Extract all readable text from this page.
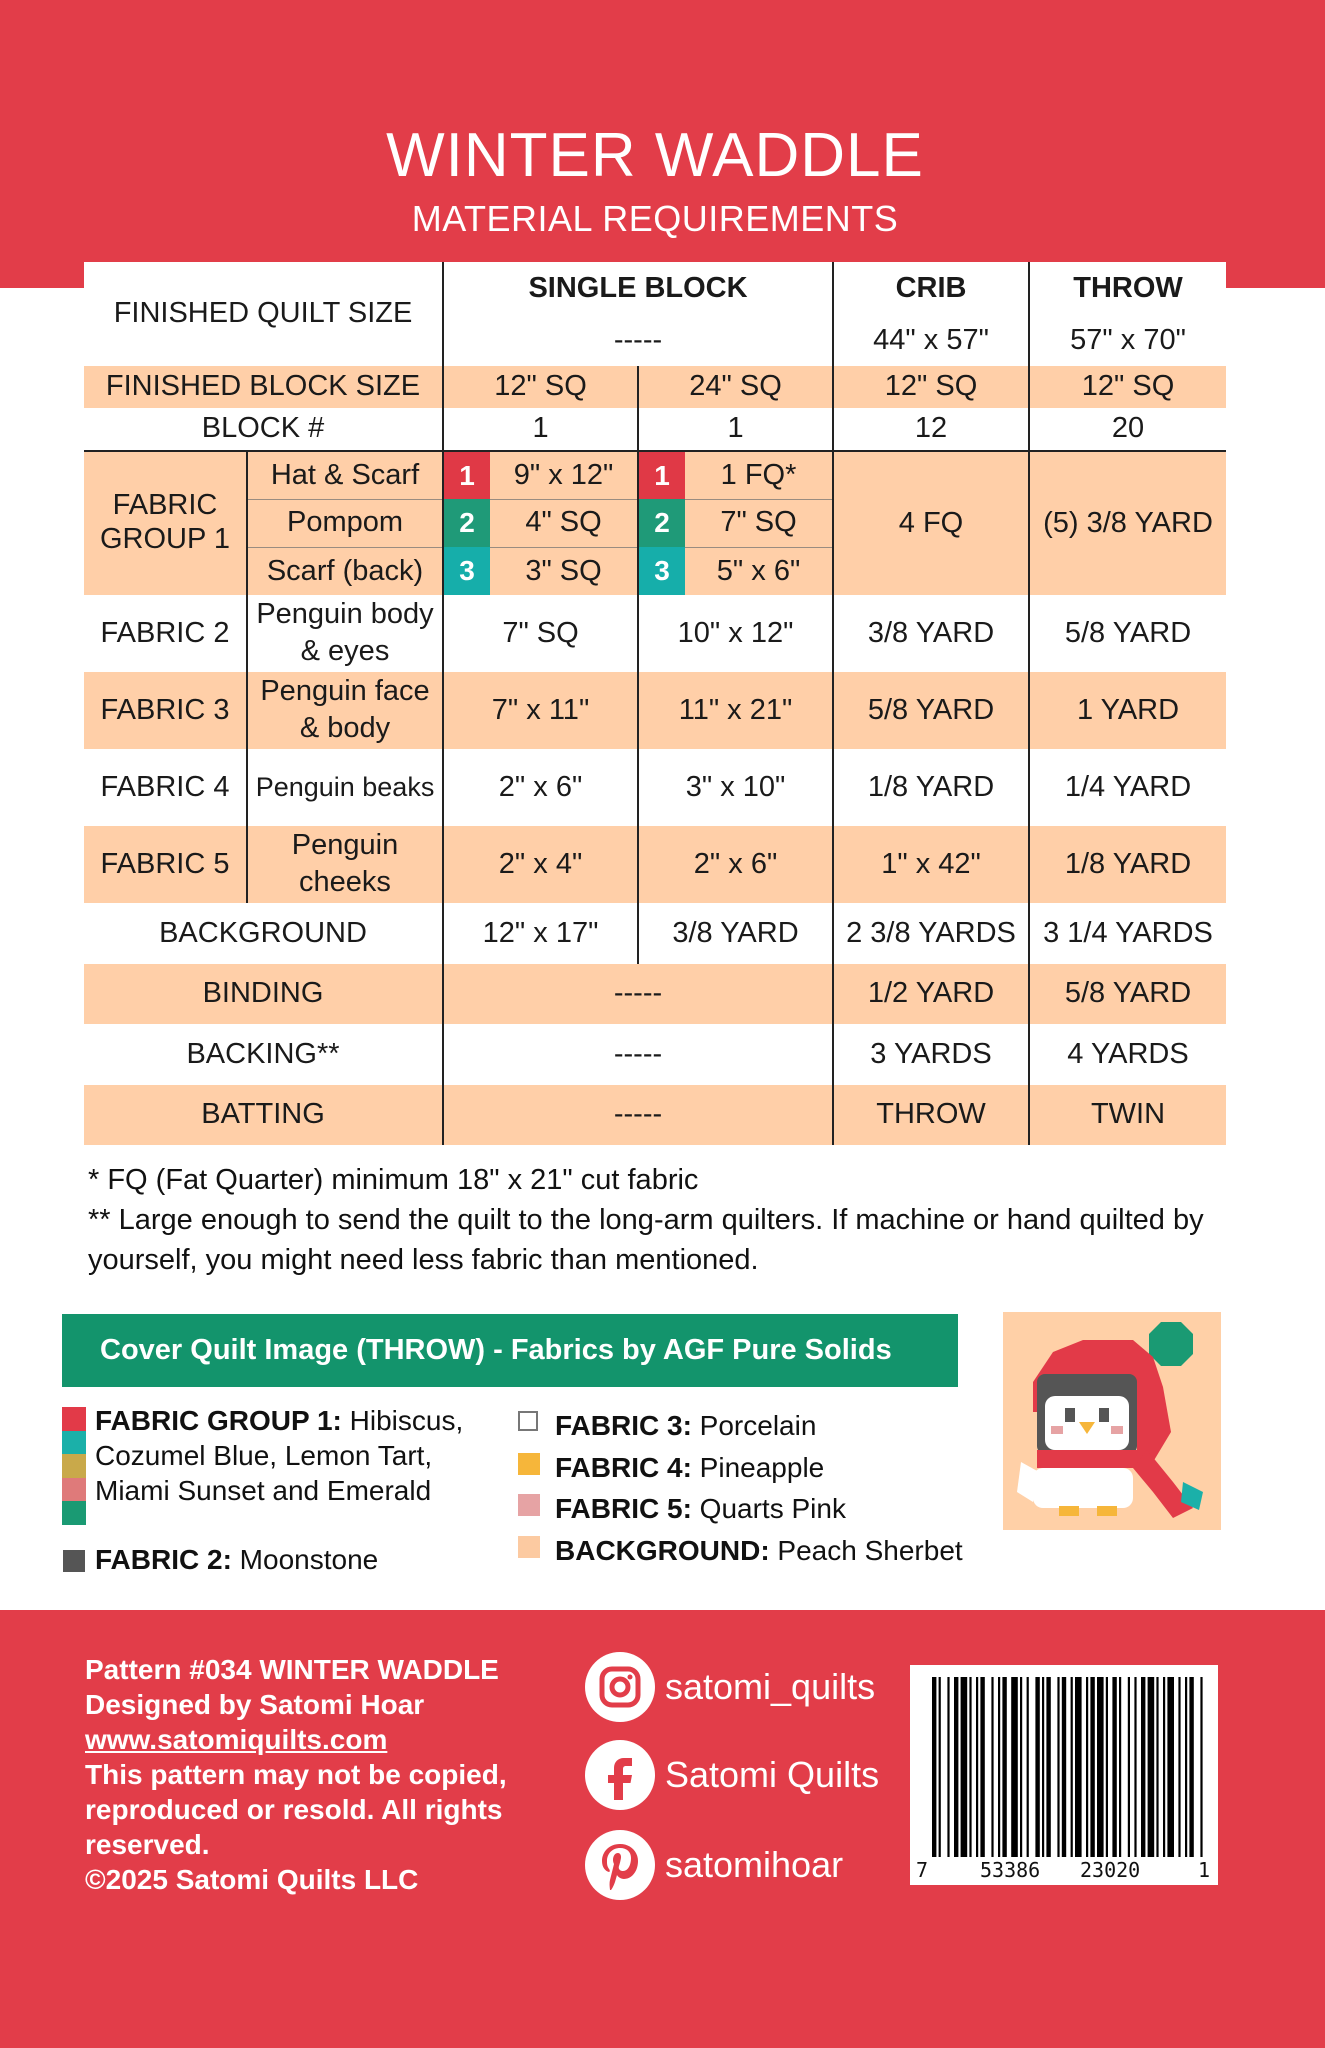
WINTER WADDLE
MATERIAL REQUIREMENTS
FINISHED QUILT SIZE		SINGLE BLOCK				CRIB	THROW
		-----				44" x 57"	57" x 70"
FINISHED BLOCK SIZE		12" SQ		24" SQ		12" SQ	12" SQ
BLOCK #		1		1		12	20
FABRIC GROUP 1	Hat & Scarf	1	9" x 12"	1	1 FQ*	4 FQ	(5) 3/8 YARD
	Pompom	2	4" SQ	2	7" SQ		
	Scarf (back)	3	3" SQ	3	5" x 6"		
FABRIC 2	Penguin body & eyes	7" SQ		10" x 12"		3/8 YARD	5/8 YARD
FABRIC 3	Penguin face & body	7" x 11"		11" x 21"		5/8 YARD	1 YARD
FABRIC 4	Penguin beaks	2" x 6"		3" x 10"		1/8 YARD	1/4 YARD
FABRIC 5	Penguin cheeks	2" x 4"		2" x 6"		1" x 42"	1/8 YARD
BACKGROUND		12" x 17"		3/8 YARD		2 3/8 YARDS	3 1/4 YARDS
BINDING		-----				1/2 YARD	5/8 YARD
BACKING**		-----				3 YARDS	4 YARDS
BATTING		-----				THROW	TWIN

* FQ (Fat Quarter) minimum 18" x 21" cut fabric

** Large enough to send the quilt to the long-arm quilters. If machine or hand quilted by yourself, you might need less fabric than mentioned.

Cover Quilt Image (THROW) - Fabrics by AGF Pure Solids
FABRIC GROUP 1: Hibiscus,
Cozumel Blue, Lemon Tart,
Miami Sunset and Emerald
FABRIC 2: Moonstone
FABRIC 3: Porcelain
FABRIC 4: Pineapple
FABRIC 5: Quarts Pink
BACKGROUND: Peach Sherbet
Pattern #034 WINTER WADDLE
Designed by Satomi Hoar
www.satomiquilts.com
This pattern may not be copied,
reproduced or resold. All rights
reserved.
©2025 Satomi Quilts LLC
satomi_quilts
Satomi Quilts
satomihoar	7	53386 23020	1
